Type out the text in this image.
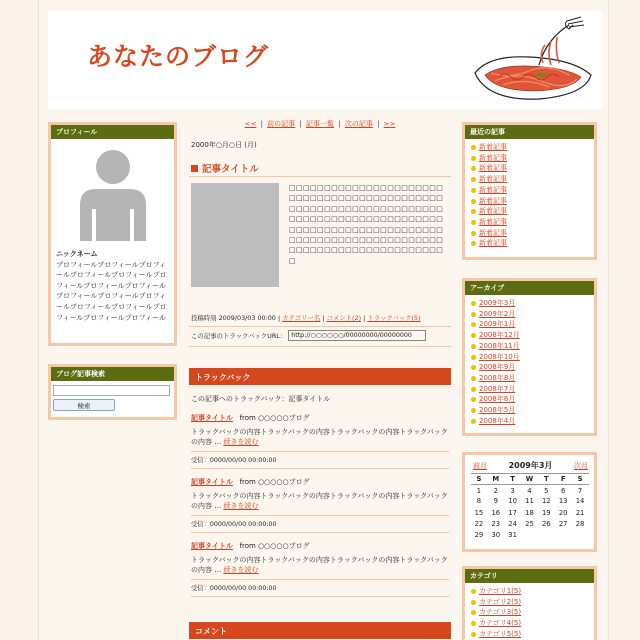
あなたのブログ
プロフィール
ニックネーム
プロフィールプロフィールプロフィールプロフィールプロフィールプロフィールプロフィールプロフィールプロフィールプロフィールプロフィールプロフィールプロフィールプロフィールプロフィールプロフィール
ブログ記事検索
検索
<< | 前の記事 | 記事一覧 | 次の記事 | >>
2000年○月○日 (月)
記事タイトル
□□□□□□□□□□□□□□□□□□□□□□□□□□□□□□□□□□□□□□□□□□□□□□□□□□□□□□□□□□□□□□□□□□□□□□□□□□□□□□□□□□□□□□□□□□□□□□□□□□□□□□□□□□□□□□□□□□□□□□□□□□□□□□□□□□□□□□□□□□□□□□□□□□□□□□□□□□□
投稿時刻 2009/03/03 00:00 | カテゴリー名 | コメント(2) | トラックバック(5)
この記事のトラックバックURL： http://○○○○○○/00000000/00000000
トラックバック
この記事へのトラックバック：記事タイトル
記事タイトル from ○○○○○ブログ
トラックバックの内容トラックバックの内容トラックバックの内容トラックバックの内容 … 続きを読む
受信：0000/00/00 00:00:00
記事タイトル from ○○○○○ブログ
トラックバックの内容トラックバックの内容トラックバックの内容トラックバックの内容 … 続きを読む
受信：0000/00/00 00:00:00
記事タイトル from ○○○○○ブログ
トラックバックの内容トラックバックの内容トラックバックの内容トラックバックの内容 … 続きを読む
受信：0000/00/00 00:00:00
コメント
最近の記事
新着記事
新着記事
新着記事
新着記事
新着記事
新着記事
新着記事
新着記事
新着記事
新着記事
アーカイブ
2009年3月
2009年2月
2009年1月
2008年12月
2008年11月
2008年10月
2008年9月
2008年8月
2008年7月
2008年6月
2008年5月
2008年4月
前月	2009年3月	次月
S	M	T	W	T	F	S
1	2	3	4	5	6	7
8	9	10	11	12	13	14
15	16	17	18	19	20	21
22	23	24	25	26	27	28
29	30	31				
カテゴリ
カテゴリ1(5)
カテゴリ2(5)
カテゴリ3(5)
カテゴリ4(5)
カテゴリ5(5)
